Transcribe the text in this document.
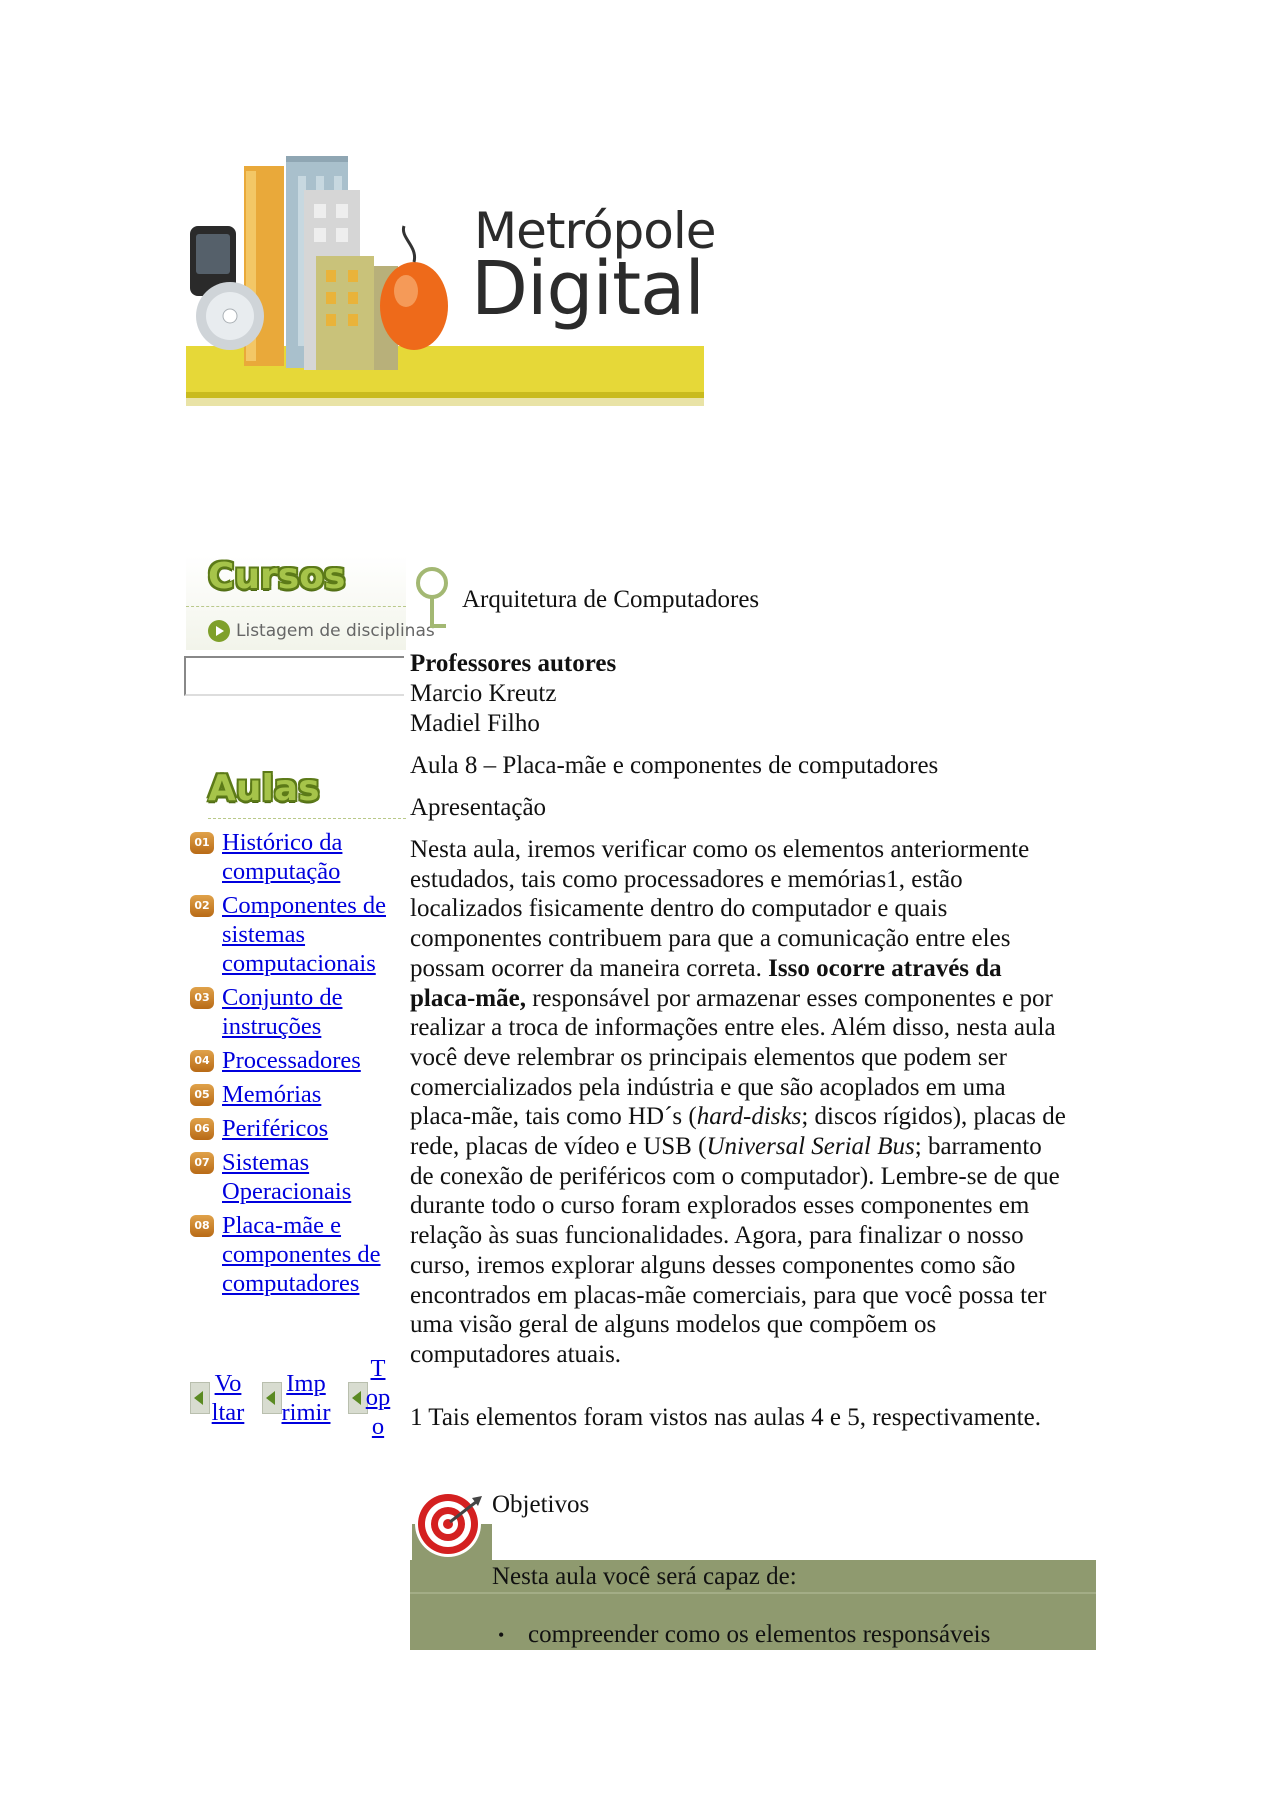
Metrópole
Digital
Cursos
Listagem de disciplinas
Aulas
01 Histórico da
computação
02 Componentes de
sistemas
computacionais
03 Conjunto de
instruções
04 Processadores
05 Memórias
06 Periféricos
07 Sistemas
Operacionais
08 Placa-mãe e
componentes de
computadores
Vo
ltar
Imp
rimir
T
op
o
Arquitetura de Computadores
Professores autores
Marcio Kreutz
Madiel Filho
Aula 8 – Placa-mãe e componentes de computadores
Apresentação
Nesta aula, iremos verificar como os elementos anteriormente
estudados, tais como processadores e memórias1, estão
localizados fisicamente dentro do computador e quais
componentes contribuem para que a comunicação entre eles
possam ocorrer da maneira correta. Isso ocorre através da
placa-mãe, responsável por armazenar esses componentes e por
realizar a troca de informações entre eles. Além disso, nesta aula
você deve relembrar os principais elementos que podem ser
comercializados pela indústria e que são acoplados em uma
placa-mãe, tais como HD´s (hard-disks; discos rígidos), placas de
rede, placas de vídeo e USB (Universal Serial Bus; barramento
de conexão de periféricos com o computador). Lembre-se de que
durante todo o curso foram explorados esses componentes em
relação às suas funcionalidades. Agora, para finalizar o nosso
curso, iremos explorar alguns desses componentes como são
encontrados em placas-mãe comerciais, para que você possa ter
uma visão geral de alguns modelos que compõem os
computadores atuais.
1 Tais elementos foram vistos nas aulas 4 e 5, respectivamente.
Objetivos
Nesta aula você será capaz de:
• compreender como os elementos responsáveis
